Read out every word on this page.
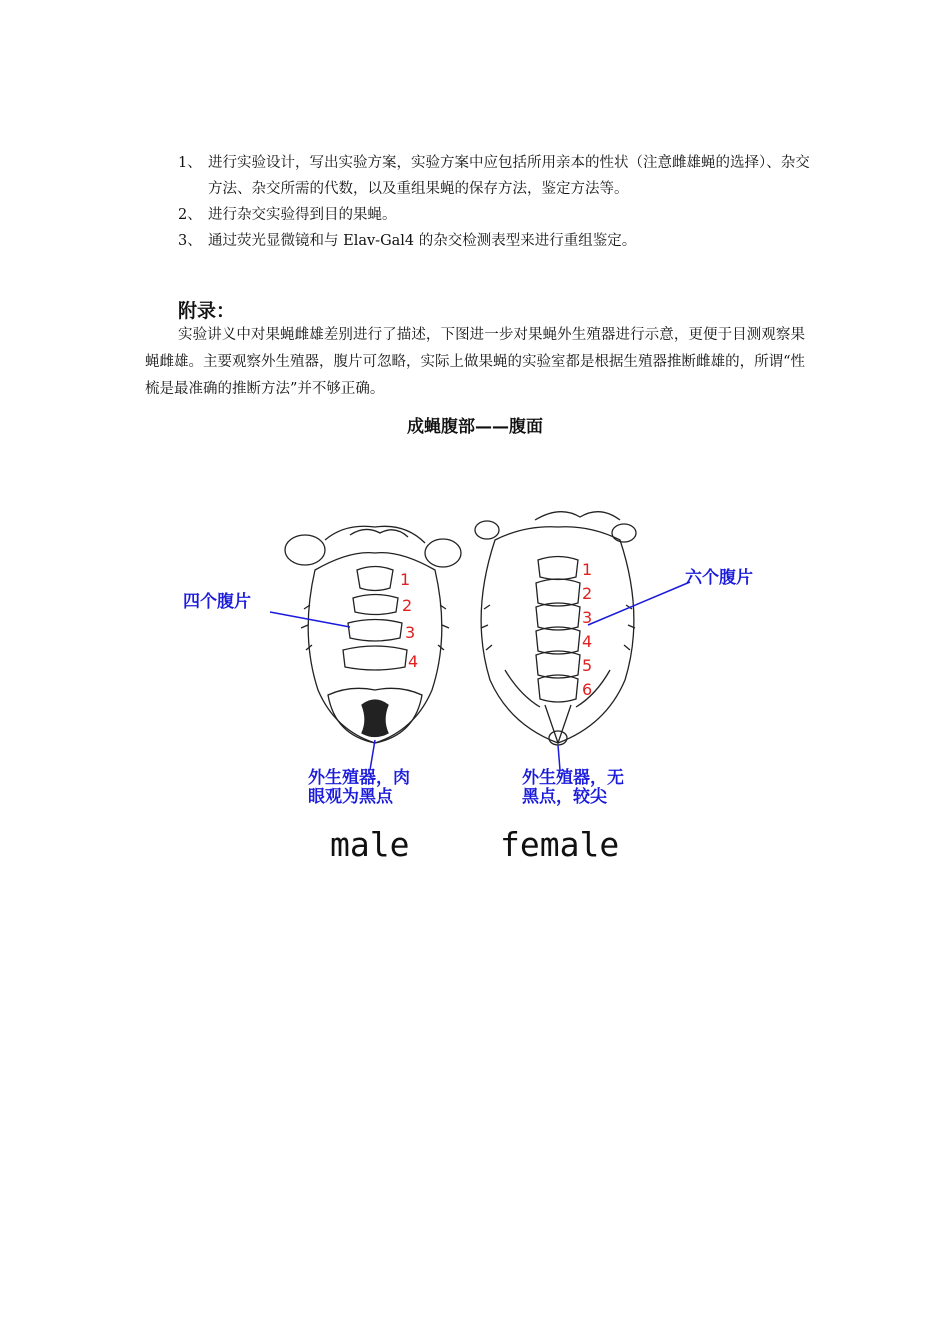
1、 进行实验设计，写出实验方案，实验方案中应包括所用亲本的性状（注意雌雄蝇的选择）、杂交方法、杂交所需的代数，以及重组果蝇的保存方法，鉴定方法等。
2、 进行杂交实验得到目的果蝇。
3、 通过荧光显微镜和与 Elav-Gal4 的杂交检测表型来进行重组鉴定。
附录：
实验讲义中对果蝇雌雄差别进行了描述，下图进一步对果蝇外生殖器进行示意，更便于目测观察果蝇雌雄。主要观察外生殖器，腹片可忽略，实际上做果蝇的实验室都是根据生殖器推断雌雄的，所谓“性梳是最准确的推断方法”并不够正确。
成蝇腹部——腹面
1
2
3
4
1
2
3
4
5
6
四个腹片
六个腹片
外生殖器，肉
眼观为黑点
外生殖器，无
黑点，较尖
male	female
